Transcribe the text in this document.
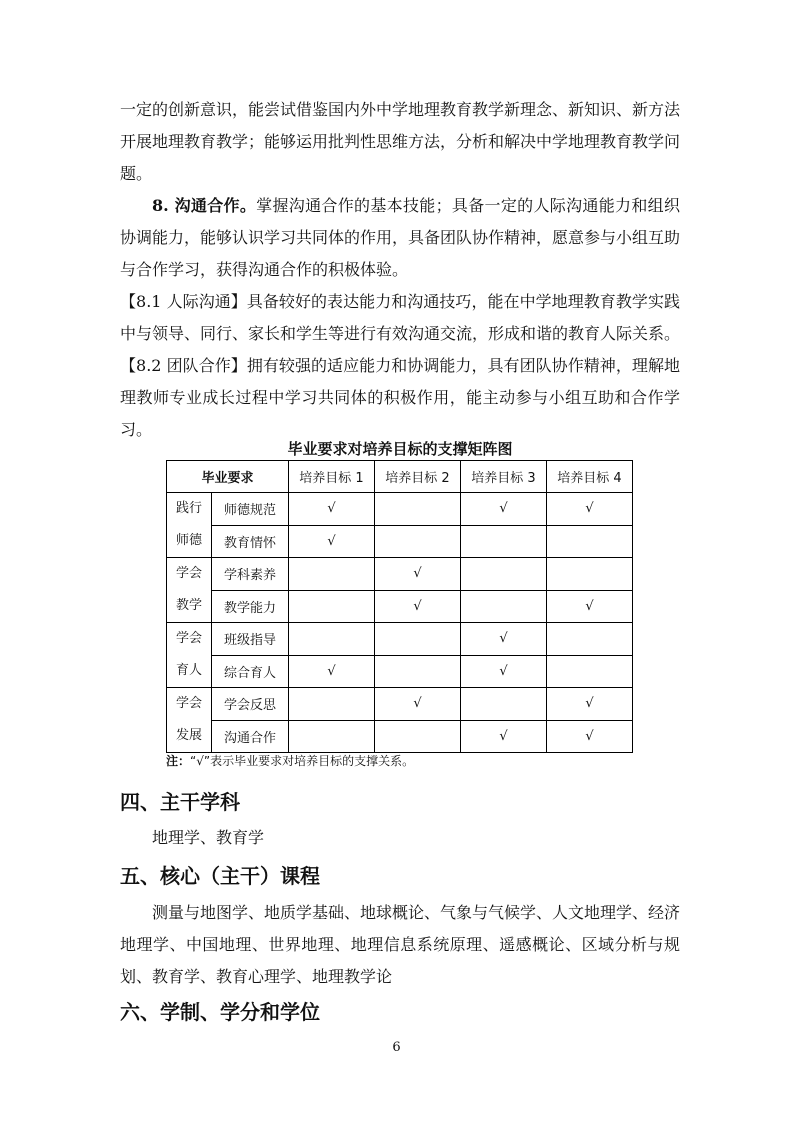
一定的创新意识，能尝试借鉴国内外中学地理教育教学新理念、新知识、新方法开展地理教育教学；能够运用批判性思维方法，分析和解决中学地理教育教学问题。

8. 沟通合作。掌握沟通合作的基本技能；具备一定的人际沟通能力和组织协调能力，能够认识学习共同体的作用，具备团队协作精神，愿意参与小组互助与合作学习，获得沟通合作的积极体验。

【8.1 人际沟通】具备较好的表达能力和沟通技巧，能在中学地理教育教学实践中与领导、同行、家长和学生等进行有效沟通交流，形成和谐的教育人际关系。

【8.2 团队合作】拥有较强的适应能力和协调能力，具有团队协作精神，理解地理教师专业成长过程中学习共同体的积极作用，能主动参与小组互助和合作学习。

毕业要求对培养目标的支撑矩阵图
毕业要求		培养目标 1	培养目标 2	培养目标 3	培养目标 4

践行
师德	师德规范	√		√	√
	教育情怀	√			

学会
教学	学科素养		√		
	教学能力		√		√

学会
育人	班级指导			√	
	综合育人	√		√	

学会
发展	学会反思		√		√
	沟通合作			√	√
注：“√”表示毕业要求对培养目标的支撑关系。
四、主干学科

地理学、教育学

五、核心（主干）课程

测量与地图学、地质学基础、地球概论、气象与气候学、人文地理学、经济地理学、中国地理、世界地理、地理信息系统原理、遥感概论、区域分析与规划、教育学、教育心理学、地理教学论

六、学制、学分和学位
6
